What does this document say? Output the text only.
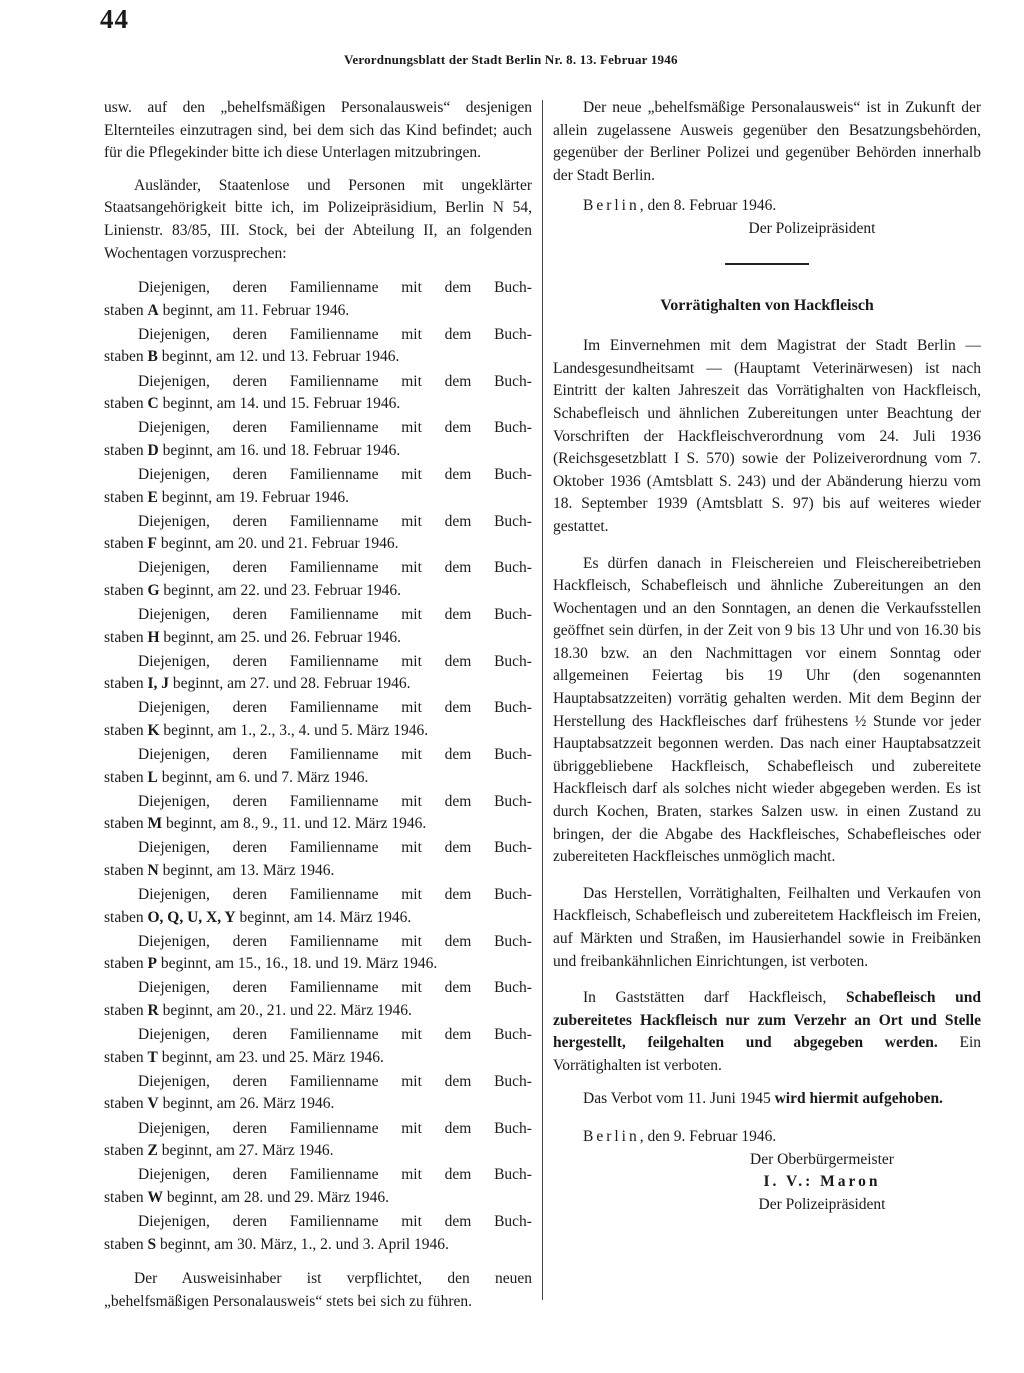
44
Verordnungsblatt der Stadt Berlin Nr. 8. 13. Februar 1946

usw. auf den „behelfsmäßigen Personalausweis“ desjenigen Elternteiles einzutragen sind, bei dem sich das Kind befindet; auch für die Pflegekinder bitte ich diese Unterlagen mitzubringen.

Ausländer, Staatenlose und Personen mit ungeklärter Staatsangehörigkeit bitte ich, im Polizeipräsidium, Berlin N 54, Linienstr. 83/85, III. Stock, bei der Abteilung II, an folgenden Wochentagen vorzusprechen:

Diejenigen, deren Familienname mit dem Buch-
staben A beginnt, am 11. Februar 1946.
Diejenigen, deren Familienname mit dem Buch-
staben B beginnt, am 12. und 13. Februar 1946.
Diejenigen, deren Familienname mit dem Buch-
staben C beginnt, am 14. und 15. Februar 1946.
Diejenigen, deren Familienname mit dem Buch-
staben D beginnt, am 16. und 18. Februar 1946.
Diejenigen, deren Familienname mit dem Buch-
staben E beginnt, am 19. Februar 1946.
Diejenigen, deren Familienname mit dem Buch-
staben F beginnt, am 20. und 21. Februar 1946.
Diejenigen, deren Familienname mit dem Buch-
staben G beginnt, am 22. und 23. Februar 1946.
Diejenigen, deren Familienname mit dem Buch-
staben H beginnt, am 25. und 26. Februar 1946.
Diejenigen, deren Familienname mit dem Buch-
staben I, J beginnt, am 27. und 28. Februar 1946.
Diejenigen, deren Familienname mit dem Buch-
staben K beginnt, am 1., 2., 3., 4. und 5. März 1946.
Diejenigen, deren Familienname mit dem Buch-
staben L beginnt, am 6. und 7. März 1946.
Diejenigen, deren Familienname mit dem Buch-
staben M beginnt, am 8., 9., 11. und 12. März 1946.
Diejenigen, deren Familienname mit dem Buch-
staben N beginnt, am 13. März 1946.
Diejenigen, deren Familienname mit dem Buch-
staben O, Q, U, X, Y beginnt, am 14. März 1946.
Diejenigen, deren Familienname mit dem Buch-
staben P beginnt, am 15., 16., 18. und 19. März 1946.
Diejenigen, deren Familienname mit dem Buch-
staben R beginnt, am 20., 21. und 22. März 1946.
Diejenigen, deren Familienname mit dem Buch-
staben T beginnt, am 23. und 25. März 1946.
Diejenigen, deren Familienname mit dem Buch-
staben V beginnt, am 26. März 1946.
Diejenigen, deren Familienname mit dem Buch-
staben Z beginnt, am 27. März 1946.
Diejenigen, deren Familienname mit dem Buch-
staben W beginnt, am 28. und 29. März 1946.
Diejenigen, deren Familienname mit dem Buch-
staben S beginnt, am 30. März, 1., 2. und 3. April 1946.

Der Ausweisinhaber ist verpflichtet, den neuen „behelfsmäßigen Personalausweis“ stets bei sich zu führen.

Der neue „behelfsmäßige Personalausweis“ ist in Zukunft der allein zugelassene Ausweis gegenüber den Besatzungsbehörden, gegenüber der Berliner Polizei und gegenüber Behörden innerhalb der Stadt Berlin.

Berlin, den 8. Februar 1946.

Der Polizeipräsident

Vorrätighalten von Hackfleisch

Im Einvernehmen mit dem Magistrat der Stadt Berlin — Landesgesundheitsamt — (Hauptamt Veterinärwesen) ist nach Eintritt der kalten Jahreszeit das Vorrätighalten von Hackfleisch, Schabefleisch und ähnlichen Zubereitungen unter Beachtung der Vorschriften der Hackfleischverordnung vom 24. Juli 1936 (Reichsgesetzblatt I S. 570) sowie der Polizeiverordnung vom 7. Oktober 1936 (Amtsblatt S. 243) und der Abänderung hierzu vom 18. September 1939 (Amtsblatt S. 97) bis auf weiteres wieder gestattet.

Es dürfen danach in Fleischereien und Fleischereibetrieben Hackfleisch, Schabefleisch und ähnliche Zubereitungen an den Wochentagen und an den Sonntagen, an denen die Verkaufsstellen geöffnet sein dürfen, in der Zeit von 9 bis 13 Uhr und von 16.30 bis 18.30 bzw. an den Nachmittagen vor einem Sonntag oder allgemeinen Feiertag bis 19 Uhr (den sogenannten Hauptabsatzzeiten) vorrätig gehalten werden. Mit dem Beginn der Herstellung des Hackfleisches darf frühestens ½ Stunde vor jeder Hauptabsatzzeit begonnen werden. Das nach einer Hauptabsatzzeit übriggebliebene Hackfleisch, Schabefleisch und zubereitete Hackfleisch darf als solches nicht wieder abgegeben werden. Es ist durch Kochen, Braten, starkes Salzen usw. in einen Zustand zu bringen, der die Abgabe des Hackfleisches, Schabefleisches oder zubereiteten Hackfleisches unmöglich macht.

Das Herstellen, Vorrätighalten, Feilhalten und Verkaufen von Hackfleisch, Schabefleisch und zubereitetem Hackfleisch im Freien, auf Märkten und Straßen, im Hausierhandel sowie in Freibänken und freibankähnlichen Einrichtungen, ist verboten.

In Gaststätten darf Hackfleisch, Schabefleisch und zubereitetes Hackfleisch nur zum Verzehr an Ort und Stelle hergestellt, feilgehalten und abgegeben werden. Ein Vorrätighalten ist verboten.

Das Verbot vom 11. Juni 1945 wird hiermit aufgehoben.

Berlin, den 9. Februar 1946.

Der Oberbürgermeister

I. V.: Maron

Der Polizeipräsident
